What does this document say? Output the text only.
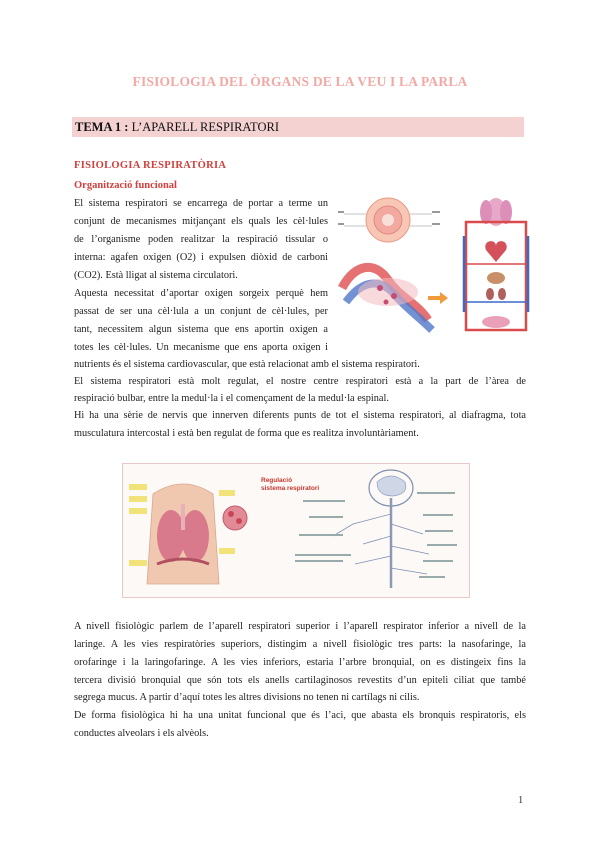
FISIOLOGIA DEL ÒRGANS DE LA VEU I LA PARLA
TEMA 1 : L’APARELL RESPIRATORI
FISIOLOGIA RESPIRATÒRIA
Organització funcional
El sistema respiratori se encarrega de portar a terme un
conjunt de mecanismes mitjançant els quals les cèl·lules
de l’organisme poden realitzar la respiració tissular o
interna: agafen oxigen (O2) i expulsen diòxid de carboni
(CO2). Està lligat al sistema circulatori.
Aquesta necessitat d’aportar oxigen sorgeix perquè hem
passat de ser una cèl·lula a un conjunt de cèl·lules, per
tant, necessitem algun sistema que ens aportin oxigen a
totes les cèl·lules. Un mecanisme que ens aporta oxigen i
nutrients és el sistema cardiovascular, que està relacionat amb el sistema respiratori.
El sistema respiratori està molt regulat, el nostre centre respiratori està a la part de l’àrea de
respiració bulbar, entre la medul·la i el començament de la medul·la espinal.
Hi ha una sèrie de nervis que innerven diferents punts de tot el sistema respiratori, al diafragma, tota
musculatura intercostal i està ben regulat de forma que es realitza involuntàriament.
Regulació sistema respiratori
A nivell fisiològic parlem de l’aparell respiratori superior i l’aparell respirator inferior a nivell de la
laringe. A les vies respiratòries superiors, distingim a nivell fisiològic tres parts: la nasofaringe, la
orofaringe i la laringofaringe. A les vies inferiors, estaria l’arbre bronquial, on es distingeix fins la
tercera divisió bronquial que són tots els anells cartilaginosos revestits d’un epiteli ciliat que també
segrega mucus. A partir d’aquí totes les altres divisions no tenen ni cartílags ni cilis.
De forma fisiològica hi ha una unitat funcional que és l’aci, que abasta els bronquis respiratoris, els
conductes alveolars i els alvèols.
1
